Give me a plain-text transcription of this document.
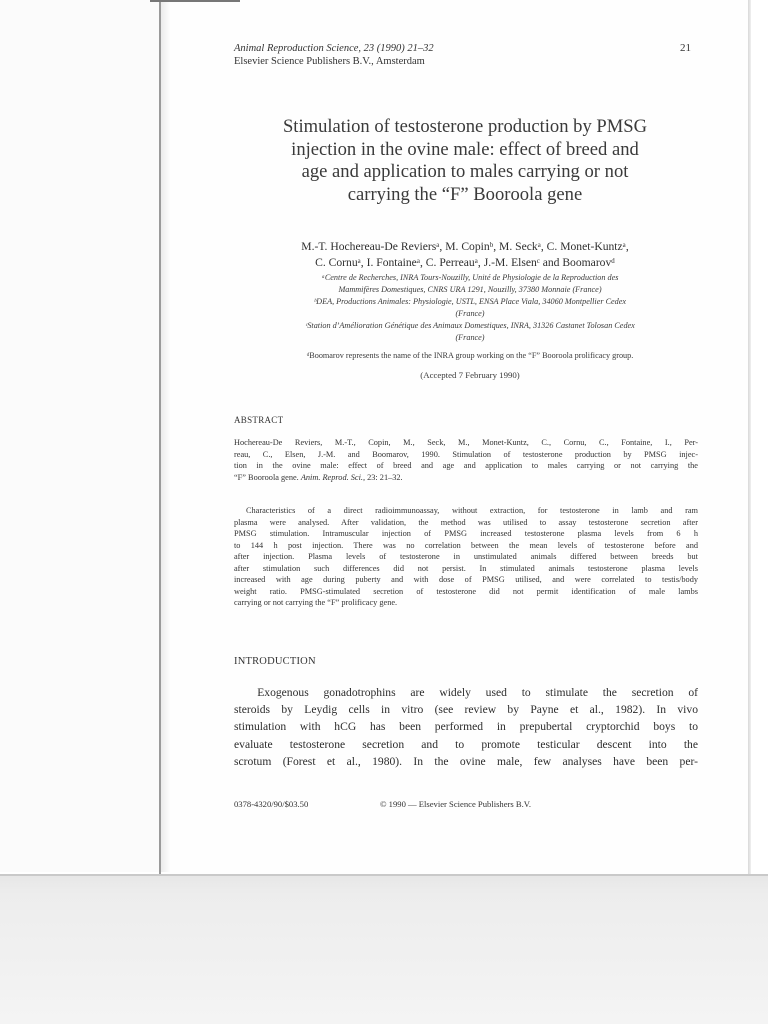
Animal Reproduction Science, 23 (1990) 21–32
Elsevier Science Publishers B.V., Amsterdam
21
Stimulation of testosterone production by PMSG
injection in the ovine male: effect of breed and
age and application to males carrying or not
carrying the “F” Booroola gene
M.-T. Hochereau-De Reviersᵃ, M. Copinᵇ, M. Seckᵃ, C. Monet-Kuntzᵃ,
C. Cornuᵃ, I. Fontaineᵃ, C. Perreauᵃ, J.-M. Elsenᶜ and Boomarovᵈ
ᵃCentre de Recherches, INRA Tours-Nouzilly, Unité de Physiologie de la Reproduction des
Mammifères Domestiques, CNRS URA 1291, Nouzilly, 37380 Monnaie (France)
ᵇDEA, Productions Animales: Physiologie, USTL, ENSA Place Viala, 34060 Montpellier Cedex
(France)
ᶜStation d’Amélioration Génétique des Animaux Domestiques, INRA, 31326 Castanet Tolosan Cedex
(France)
ᵈBoomarov represents the name of the INRA group working on the “F” Booroola prolificacy group.
(Accepted 7 February 1990)
ABSTRACT
Hochereau-De Reviers, M.-T., Copin, M., Seck, M., Monet-Kuntz, C., Cornu, C., Fontaine, I., Per-
reau, C., Elsen, J.-M. and Boomarov, 1990. Stimulation of testosterone production by PMSG injec-
tion in the ovine male: effect of breed and age and application to males carrying or not carrying the
“F” Booroola gene. Anim. Reprod. Sci., 23: 21–32.
Characteristics of a direct radioimmunoassay, without extraction, for testosterone in lamb and ram
plasma were analysed. After validation, the method was utilised to assay testosterone secretion after
PMSG stimulation. Intramuscular injection of PMSG increased testosterone plasma levels from 6 h
to 144 h post injection. There was no correlation between the mean levels of testosterone before and
after injection. Plasma levels of testosterone in unstimulated animals differed between breeds but
after stimulation such differences did not persist. In stimulated animals testosterone plasma levels
increased with age during puberty and with dose of PMSG utilised, and were correlated to testis/body
weight ratio. PMSG-stimulated secretion of testosterone did not permit identification of male lambs
carrying or not carrying the “F” prolificacy gene.
INTRODUCTION
  Exogenous gonadotrophins are widely used to stimulate the secretion of
steroids by Leydig cells in vitro (see review by Payne et al., 1982). In vivo
stimulation with hCG has been performed in prepubertal cryptorchid boys to
evaluate testosterone secretion and to promote testicular descent into the
scrotum (Forest et al., 1980). In the ovine male, few analyses have been per-
0378-4320/90/$03.50	© 1990 — Elsevier Science Publishers B.V.
